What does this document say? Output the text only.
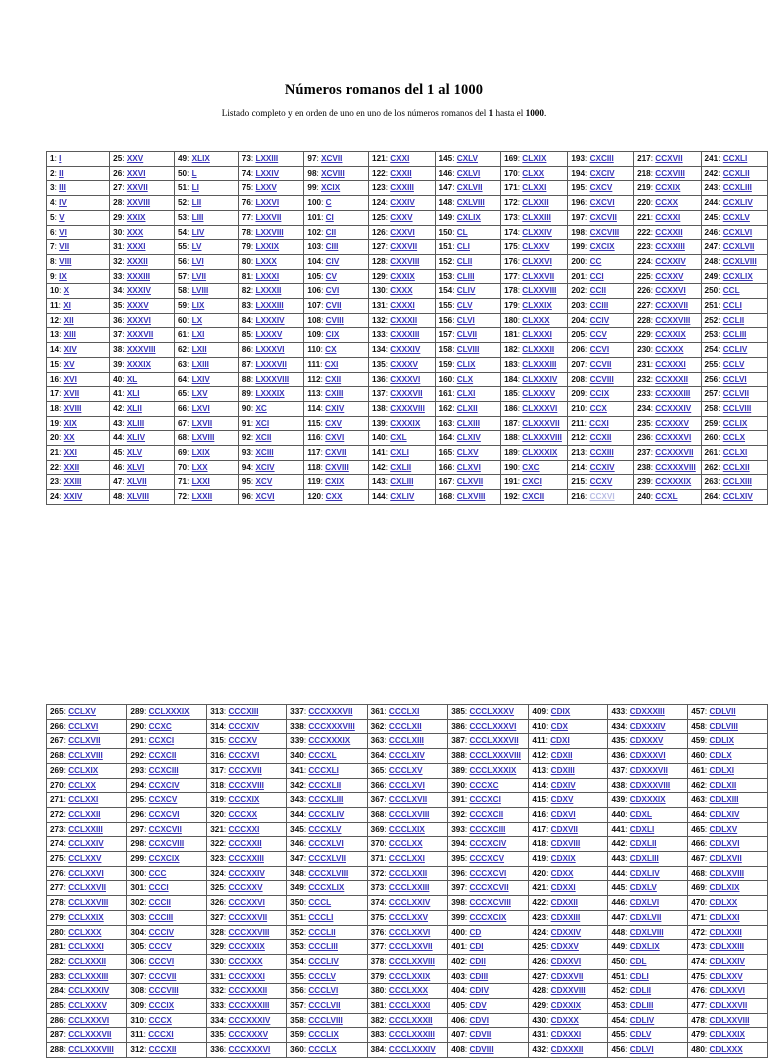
Números romanos del 1 al 1000

Listado completo y en orden de uno en uno de los números romanos del 1 hasta el 1000.

1: I	25: XXV	49: XLIX	73: LXXIII	97: XCVII	121: CXXI	145: CXLV	169: CLXIX	193: CXCIII	217: CCXVII	241: CCXLI
2: II	26: XXVI	50: L	74: LXXIV	98: XCVIII	122: CXXII	146: CXLVI	170: CLXX	194: CXCIV	218: CCXVIII	242: CCXLII
3: III	27: XXVII	51: LI	75: LXXV	99: XCIX	123: CXXIII	147: CXLVII	171: CLXXI	195: CXCV	219: CCXIX	243: CCXLIII
4: IV	28: XXVIII	52: LII	76: LXXVI	100: C	124: CXXIV	148: CXLVIII	172: CLXXII	196: CXCVI	220: CCXX	244: CCXLIV
5: V	29: XXIX	53: LIII	77: LXXVII	101: CI	125: CXXV	149: CXLIX	173: CLXXIII	197: CXCVII	221: CCXXI	245: CCXLV
6: VI	30: XXX	54: LIV	78: LXXVIII	102: CII	126: CXXVI	150: CL	174: CLXXIV	198: CXCVIII	222: CCXXII	246: CCXLVI
7: VII	31: XXXI	55: LV	79: LXXIX	103: CIII	127: CXXVII	151: CLI	175: CLXXV	199: CXCIX	223: CCXXIII	247: CCXLVII
8: VIII	32: XXXII	56: LVI	80: LXXX	104: CIV	128: CXXVIII	152: CLII	176: CLXXVI	200: CC	224: CCXXIV	248: CCXLVIII
9: IX	33: XXXIII	57: LVII	81: LXXXI	105: CV	129: CXXIX	153: CLIII	177: CLXXVII	201: CCI	225: CCXXV	249: CCXLIX
10: X	34: XXXIV	58: LVIII	82: LXXXII	106: CVI	130: CXXX	154: CLIV	178: CLXXVIII	202: CCII	226: CCXXVI	250: CCL
11: XI	35: XXXV	59: LIX	83: LXXXIII	107: CVII	131: CXXXI	155: CLV	179: CLXXIX	203: CCIII	227: CCXXVII	251: CCLI
12: XII	36: XXXVI	60: LX	84: LXXXIV	108: CVIII	132: CXXXII	156: CLVI	180: CLXXX	204: CCIV	228: CCXXVIII	252: CCLII
13: XIII	37: XXXVII	61: LXI	85: LXXXV	109: CIX	133: CXXXIII	157: CLVII	181: CLXXXI	205: CCV	229: CCXXIX	253: CCLIII
14: XIV	38: XXXVIII	62: LXII	86: LXXXVI	110: CX	134: CXXXIV	158: CLVIII	182: CLXXXII	206: CCVI	230: CCXXX	254: CCLIV
15: XV	39: XXXIX	63: LXIII	87: LXXXVII	111: CXI	135: CXXXV	159: CLIX	183: CLXXXIII	207: CCVII	231: CCXXXI	255: CCLV
16: XVI	40: XL	64: LXIV	88: LXXXVIII	112: CXII	136: CXXXVI	160: CLX	184: CLXXXIV	208: CCVIII	232: CCXXXII	256: CCLVI
17: XVII	41: XLI	65: LXV	89: LXXXIX	113: CXIII	137: CXXXVII	161: CLXI	185: CLXXXV	209: CCIX	233: CCXXXIII	257: CCLVII
18: XVIII	42: XLII	66: LXVI	90: XC	114: CXIV	138: CXXXVIII	162: CLXII	186: CLXXXVI	210: CCX	234: CCXXXIV	258: CCLVIII
19: XIX	43: XLIII	67: LXVII	91: XCI	115: CXV	139: CXXXIX	163: CLXIII	187: CLXXXVII	211: CCXI	235: CCXXXV	259: CCLIX
20: XX	44: XLIV	68: LXVIII	92: XCII	116: CXVI	140: CXL	164: CLXIV	188: CLXXXVIII	212: CCXII	236: CCXXXVI	260: CCLX
21: XXI	45: XLV	69: LXIX	93: XCIII	117: CXVII	141: CXLI	165: CLXV	189: CLXXXIX	213: CCXIII	237: CCXXXVII	261: CCLXI
22: XXII	46: XLVI	70: LXX	94: XCIV	118: CXVIII	142: CXLII	166: CLXVI	190: CXC	214: CCXIV	238: CCXXXVIII	262: CCLXII
23: XXIII	47: XLVII	71: LXXI	95: XCV	119: CXIX	143: CXLIII	167: CLXVII	191: CXCI	215: CCXV	239: CCXXXIX	263: CCLXIII
24: XXIV	48: XLVIII	72: LXXII	96: XCVI	120: CXX	144: CXLIV	168: CLXVIII	192: CXCII	216: CCXVI	240: CCXL	264: CCLXIV
265: CCLXV	289: CCLXXXIX	313: CCCXIII	337: CCCXXXVII	361: CCCLXI	385: CCCLXXXV	409: CDIX	433: CDXXXIII	457: CDLVII
266: CCLXVI	290: CCXC	314: CCCXIV	338: CCCXXXVIII	362: CCCLXII	386: CCCLXXXVI	410: CDX	434: CDXXXIV	458: CDLVIII
267: CCLXVII	291: CCXCI	315: CCCXV	339: CCCXXXIX	363: CCCLXIII	387: CCCLXXXVII	411: CDXI	435: CDXXXV	459: CDLIX
268: CCLXVIII	292: CCXCII	316: CCCXVI	340: CCCXL	364: CCCLXIV	388: CCCLXXXVIII	412: CDXII	436: CDXXXVI	460: CDLX
269: CCLXIX	293: CCXCIII	317: CCCXVII	341: CCCXLI	365: CCCLXV	389: CCCLXXXIX	413: CDXIII	437: CDXXXVII	461: CDLXI
270: CCLXX	294: CCXCIV	318: CCCXVIII	342: CCCXLII	366: CCCLXVI	390: CCCXC	414: CDXIV	438: CDXXXVIII	462: CDLXII
271: CCLXXI	295: CCXCV	319: CCCXIX	343: CCCXLIII	367: CCCLXVII	391: CCCXCI	415: CDXV	439: CDXXXIX	463: CDLXIII
272: CCLXXII	296: CCXCVI	320: CCCXX	344: CCCXLIV	368: CCCLXVIII	392: CCCXCII	416: CDXVI	440: CDXL	464: CDLXIV
273: CCLXXIII	297: CCXCVII	321: CCCXXI	345: CCCXLV	369: CCCLXIX	393: CCCXCIII	417: CDXVII	441: CDXLI	465: CDLXV
274: CCLXXIV	298: CCXCVIII	322: CCCXXII	346: CCCXLVI	370: CCCLXX	394: CCCXCIV	418: CDXVIII	442: CDXLII	466: CDLXVI
275: CCLXXV	299: CCXCIX	323: CCCXXIII	347: CCCXLVII	371: CCCLXXI	395: CCCXCV	419: CDXIX	443: CDXLIII	467: CDLXVII
276: CCLXXVI	300: CCC	324: CCCXXIV	348: CCCXLVIII	372: CCCLXXII	396: CCCXCVI	420: CDXX	444: CDXLIV	468: CDLXVIII
277: CCLXXVII	301: CCCI	325: CCCXXV	349: CCCXLIX	373: CCCLXXIII	397: CCCXCVII	421: CDXXI	445: CDXLV	469: CDLXIX
278: CCLXXVIII	302: CCCII	326: CCCXXVI	350: CCCL	374: CCCLXXIV	398: CCCXCVIII	422: CDXXII	446: CDXLVI	470: CDLXX
279: CCLXXIX	303: CCCIII	327: CCCXXVII	351: CCCLI	375: CCCLXXV	399: CCCXCIX	423: CDXXIII	447: CDXLVII	471: CDLXXI
280: CCLXXX	304: CCCIV	328: CCCXXVIII	352: CCCLII	376: CCCLXXVI	400: CD	424: CDXXIV	448: CDXLVIII	472: CDLXXII
281: CCLXXXI	305: CCCV	329: CCCXXIX	353: CCCLIII	377: CCCLXXVII	401: CDI	425: CDXXV	449: CDXLIX	473: CDLXXIII
282: CCLXXXII	306: CCCVI	330: CCCXXX	354: CCCLIV	378: CCCLXXVIII	402: CDII	426: CDXXVI	450: CDL	474: CDLXXIV
283: CCLXXXIII	307: CCCVII	331: CCCXXXI	355: CCCLV	379: CCCLXXIX	403: CDIII	427: CDXXVII	451: CDLI	475: CDLXXV
284: CCLXXXIV	308: CCCVIII	332: CCCXXXII	356: CCCLVI	380: CCCLXXX	404: CDIV	428: CDXXVIII	452: CDLII	476: CDLXXVI
285: CCLXXXV	309: CCCIX	333: CCCXXXIII	357: CCCLVII	381: CCCLXXXI	405: CDV	429: CDXXIX	453: CDLIII	477: CDLXXVII
286: CCLXXXVI	310: CCCX	334: CCCXXXIV	358: CCCLVIII	382: CCCLXXXII	406: CDVI	430: CDXXX	454: CDLIV	478: CDLXXVIII
287: CCLXXXVII	311: CCCXI	335: CCCXXXV	359: CCCLIX	383: CCCLXXXIII	407: CDVII	431: CDXXXI	455: CDLV	479: CDLXXIX
288: CCLXXXVIII	312: CCCXII	336: CCCXXXVI	360: CCCLX	384: CCCLXXXIV	408: CDVIII	432: CDXXXII	456: CDLVI	480: CDLXXX
